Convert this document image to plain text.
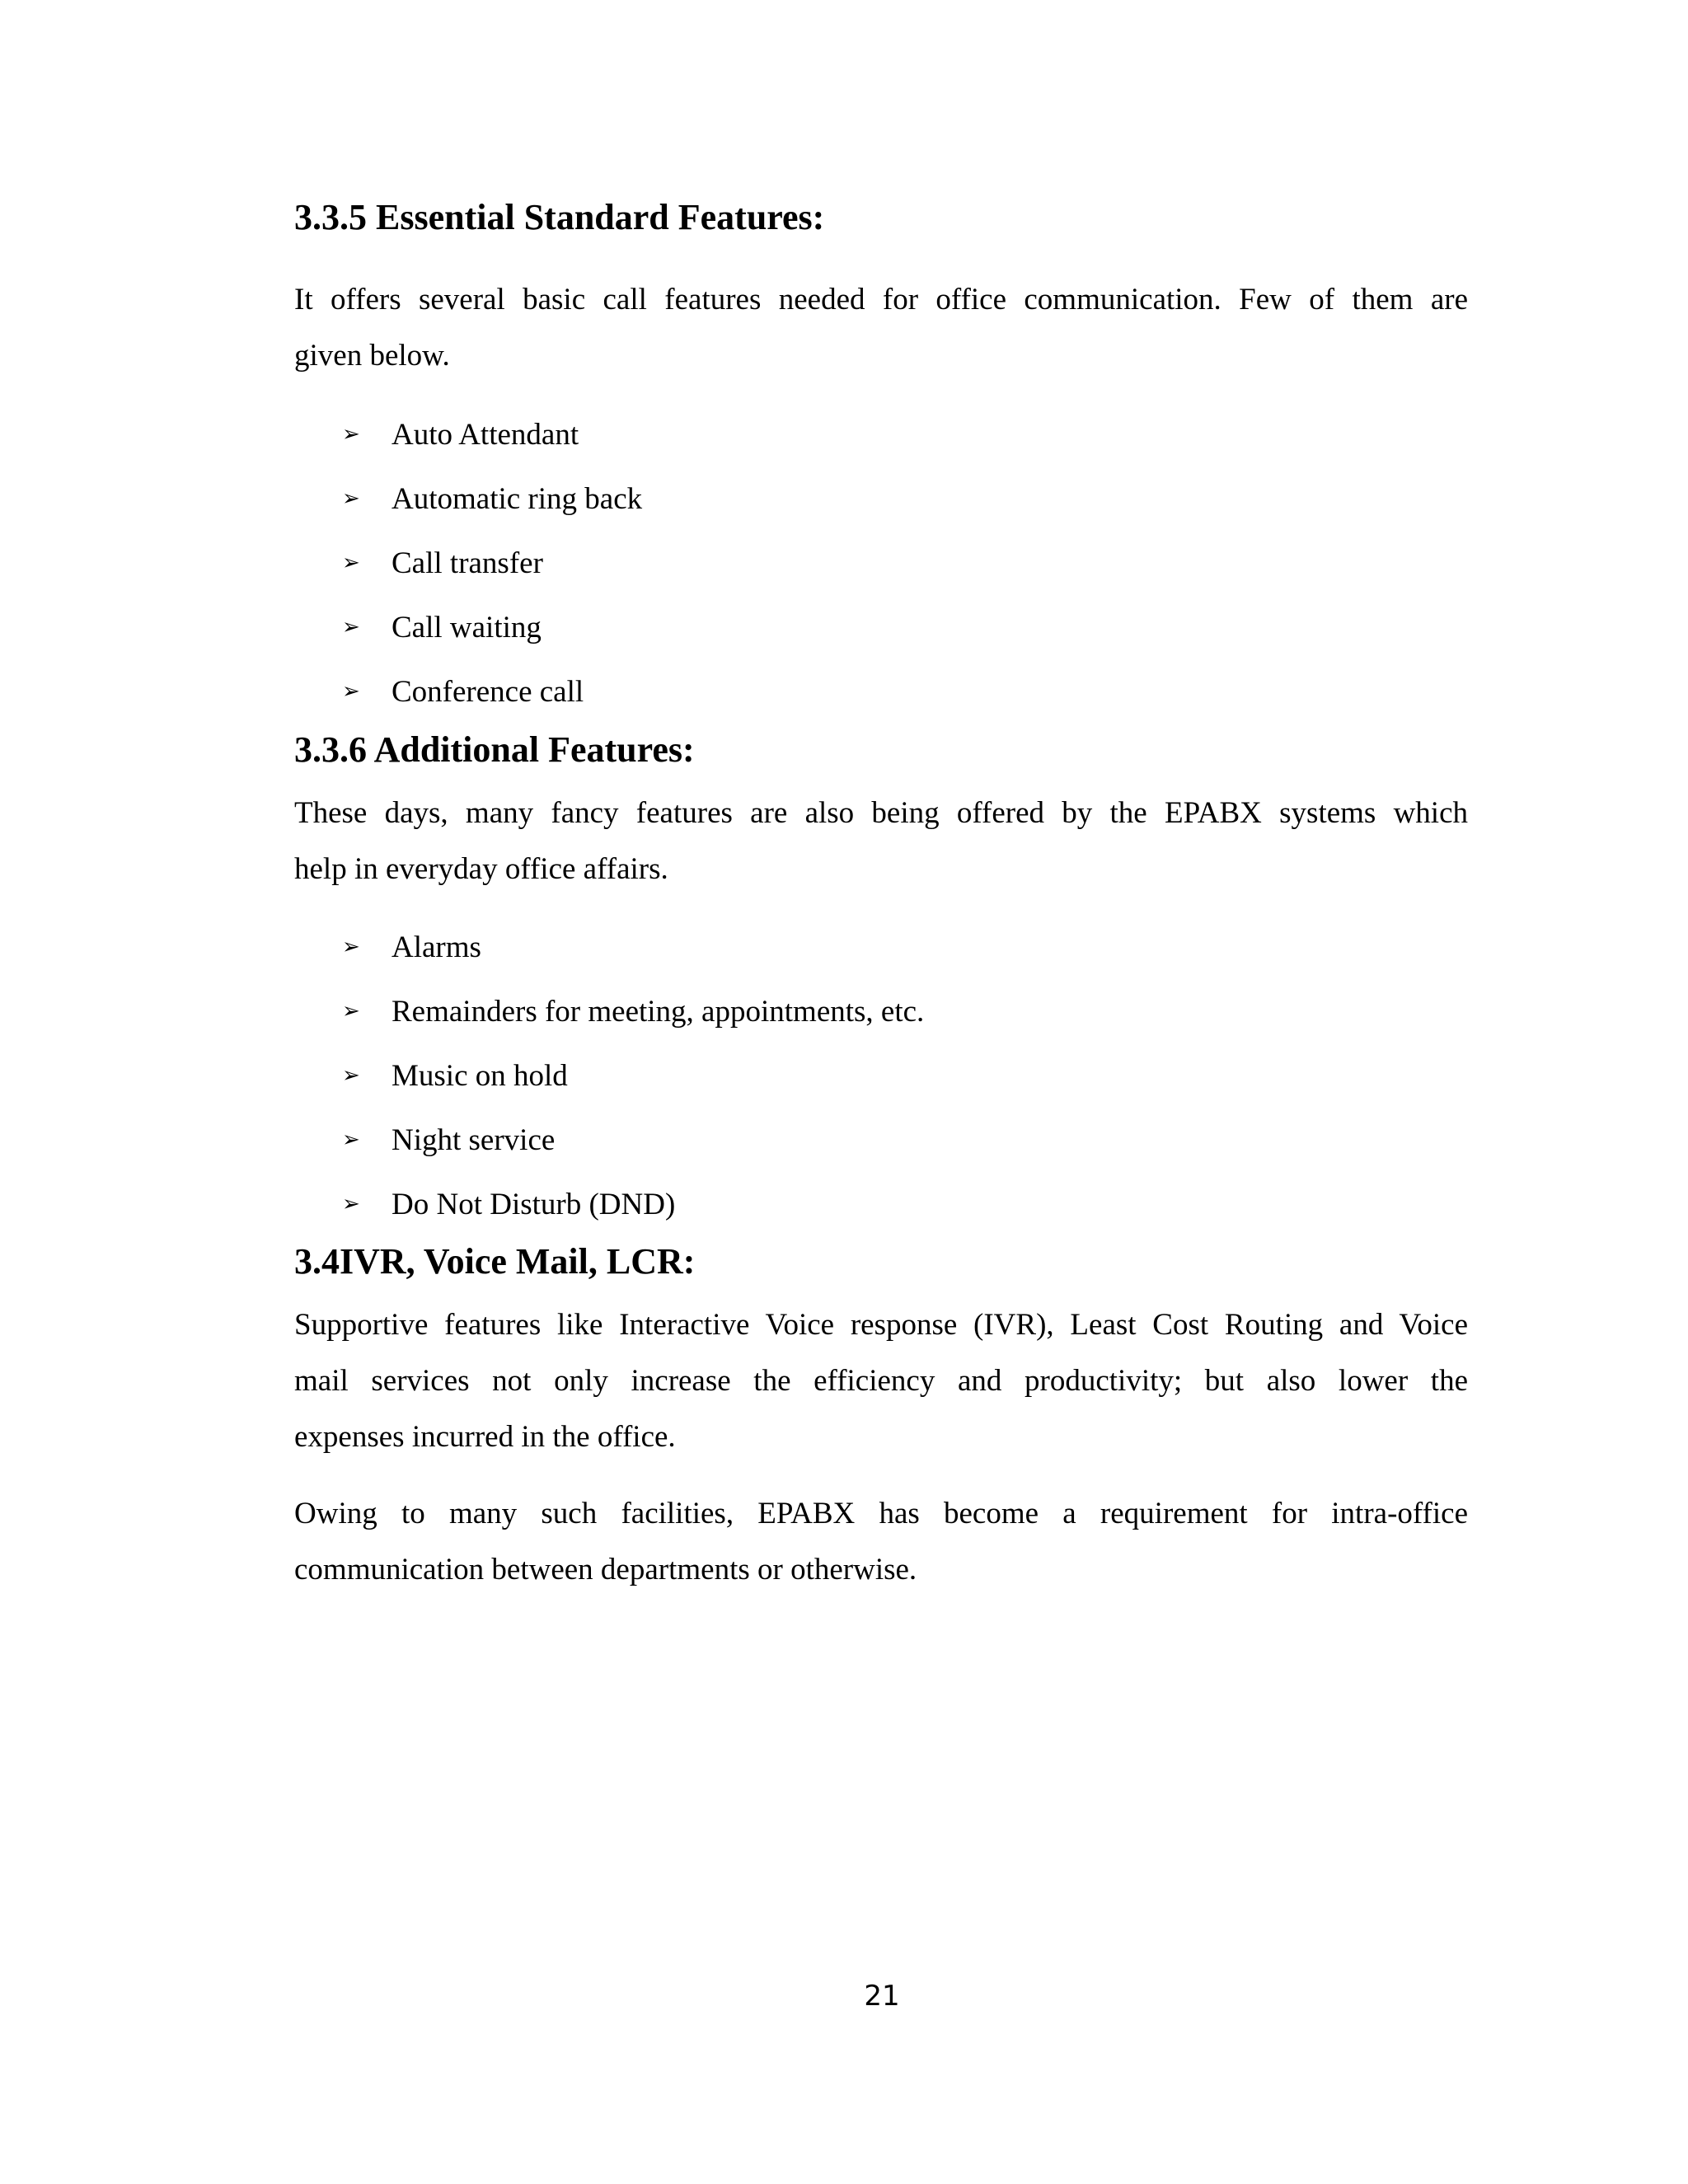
3.3.5 Essential Standard Features:

It offers several basic call features needed for office communication. Few of them are
given below.

➢	Auto Attendant
➢	Automatic ring back
➢	Call transfer
➢	Call waiting
➢	Conference call
3.3.6 Additional Features:

These days, many fancy features are also being offered by the EPABX systems which
help in everyday office affairs.

➢	Alarms
➢	Remainders for meeting, appointments, etc.
➢	Music on hold
➢	Night service
➢	Do Not Disturb (DND)
3.4IVR, Voice Mail, LCR:

Supportive features like Interactive Voice response (IVR), Least Cost Routing and Voice
mail services not only increase the efficiency and productivity; but also lower the
expenses incurred in the office.

Owing to many such facilities, EPABX has become a requirement for intra-office
communication between departments or otherwise.

21
